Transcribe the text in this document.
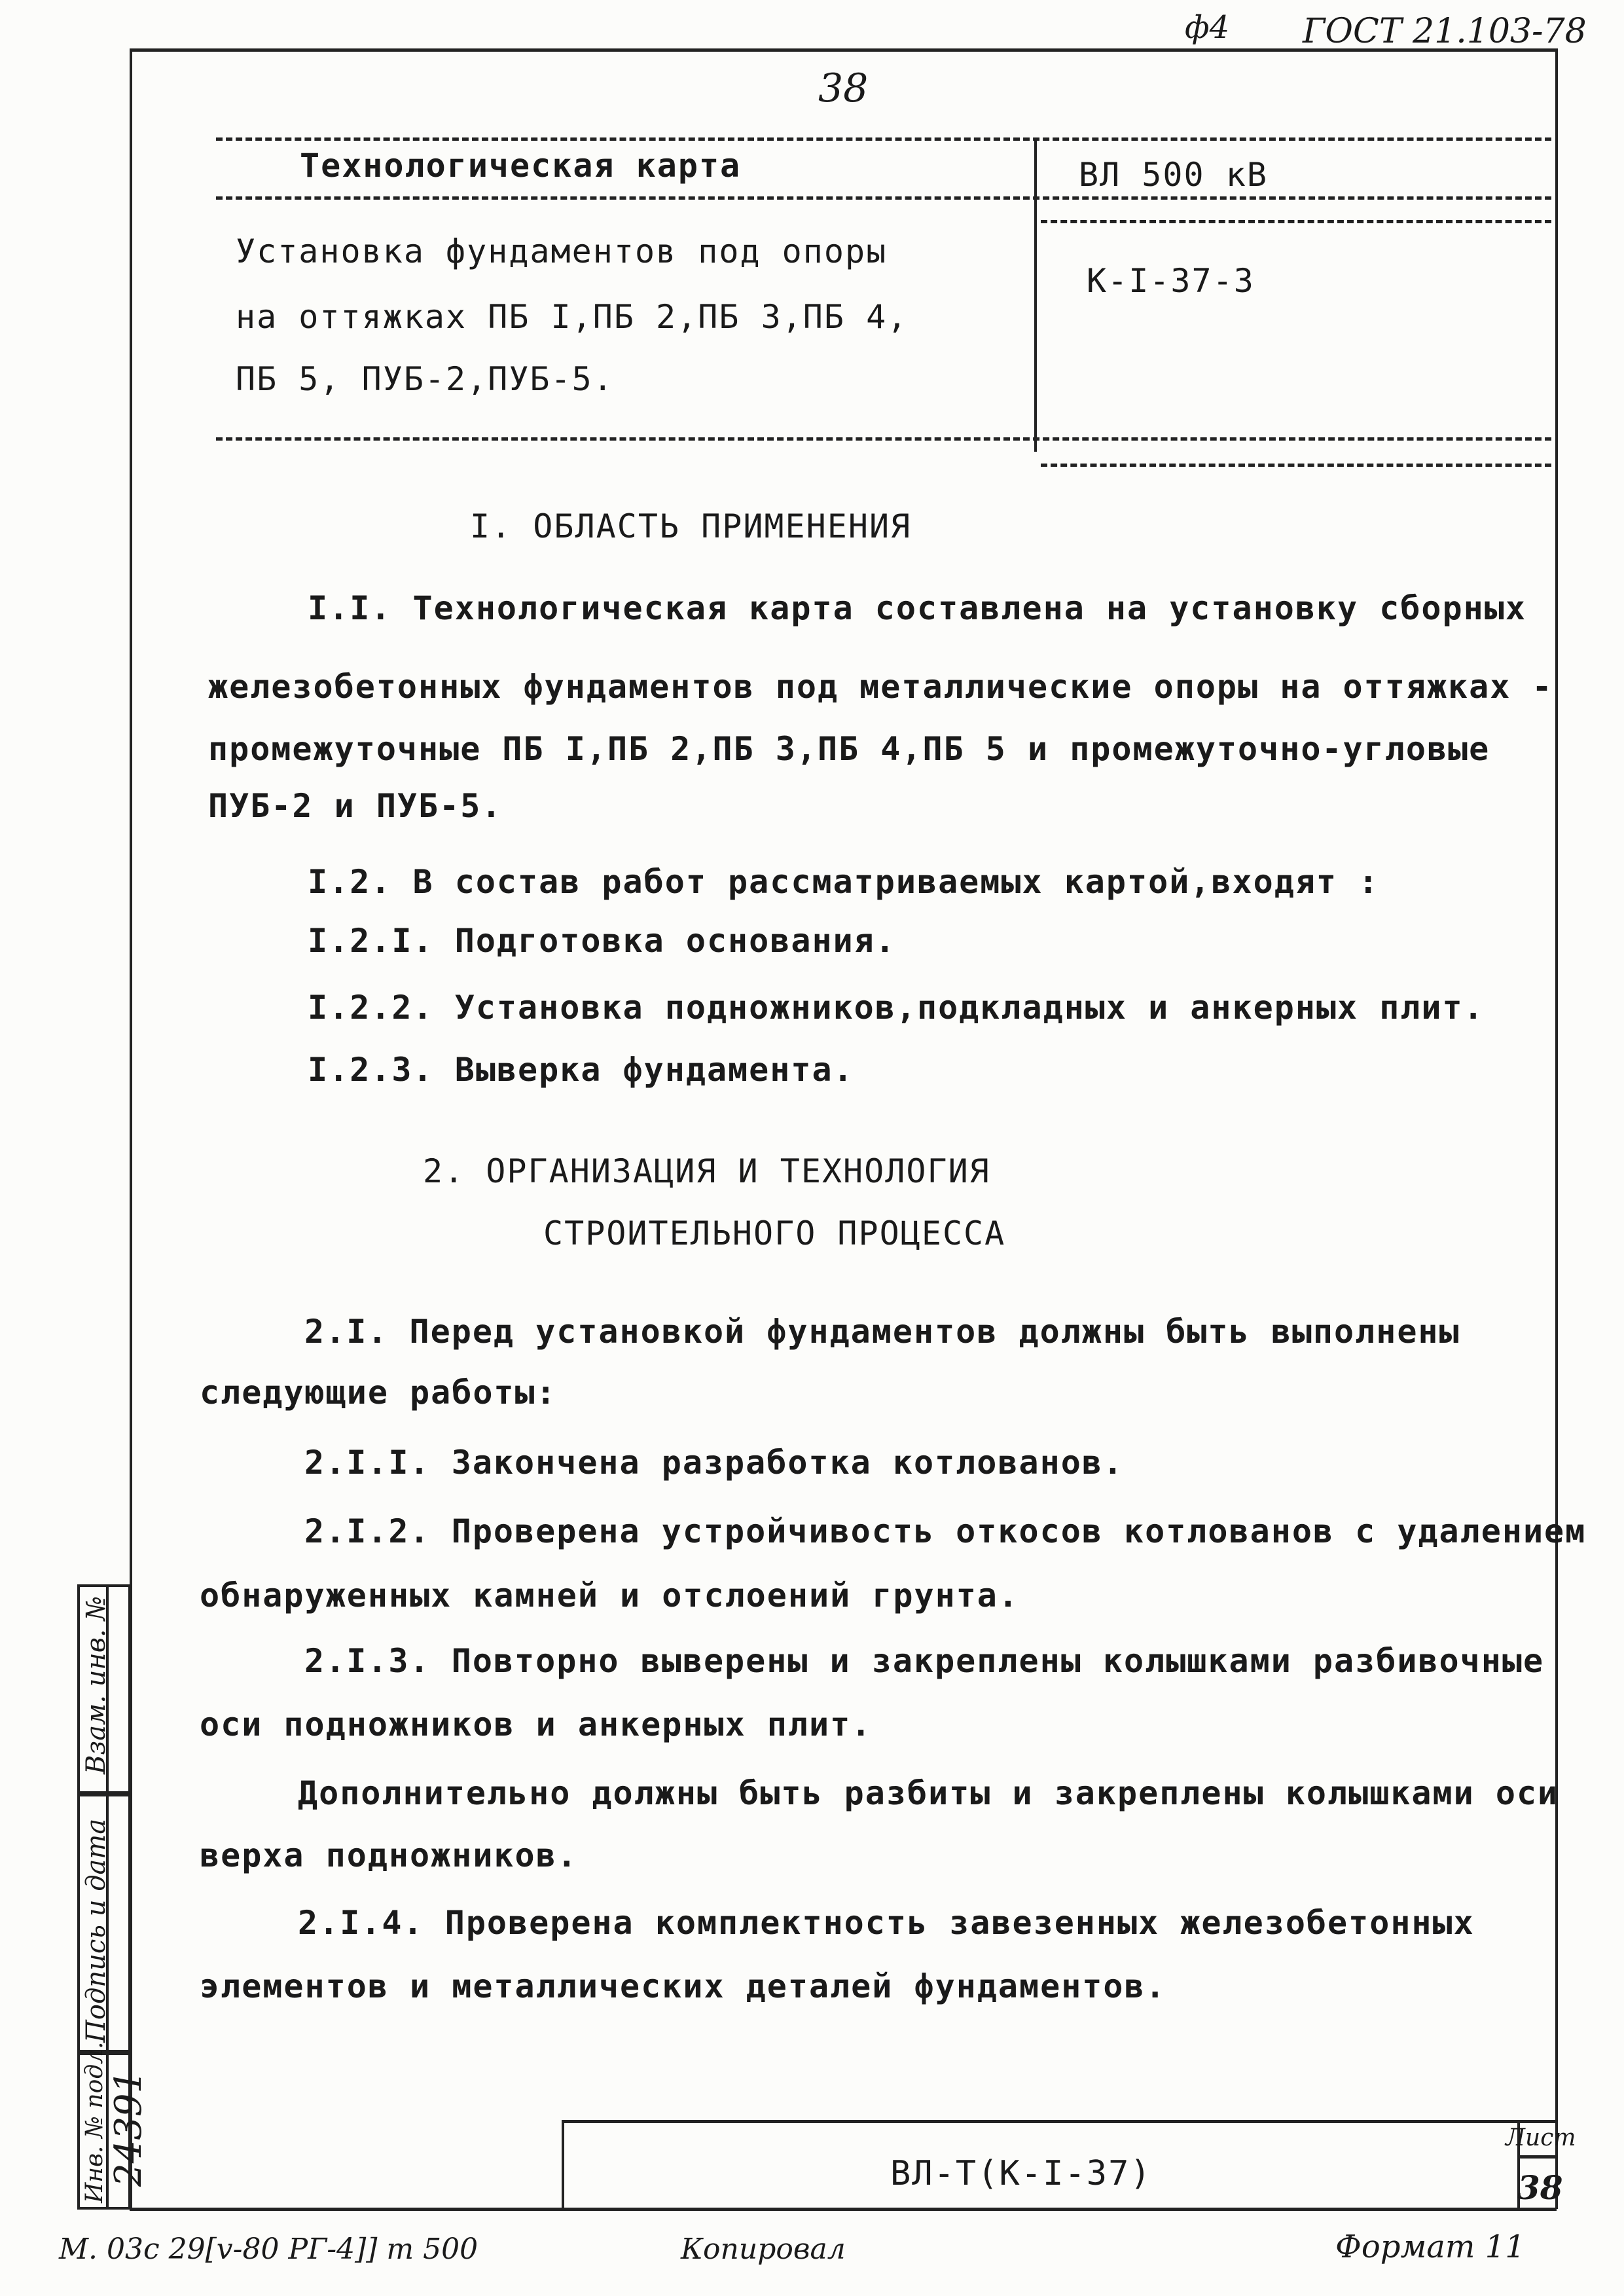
ф4 ГОСТ 21.103-78
38
Технологическая карта	ВЛ 500 кВ
Установка фундаментов под опоры
на оттяжках ПБ I,ПБ 2,ПБ 3,ПБ 4,
ПБ 5, ПУБ-2,ПУБ-5.
К-I-37-3
I. ОБЛАСТЬ ПРИМЕНЕНИЯ
I.I. Технологическая карта составлена на установку сборных
железобетонных фундаментов под металлические опоры на оттяжках -
промежуточные ПБ I,ПБ 2,ПБ 3,ПБ 4,ПБ 5 и промежуточно-угловые
ПУБ-2 и ПУБ-5.
I.2. В состав работ рассматриваемых картой,входят :
I.2.I. Подготовка основания.
I.2.2. Установка подножников,подкладных и анкерных плит.
I.2.3. Выверка фундамента.
2. ОРГАНИЗАЦИЯ И ТЕХНОЛОГИЯ
СТРОИТЕЛЬНОГО ПРОЦЕССА
2.I. Перед установкой фундаментов должны быть выполнены
следующие работы:
2.I.I. Закончена разработка котлованов.
2.I.2. Проверена устройчивость откосов котлованов с удалением
обнаруженных камней и отслоений грунта.
2.I.3. Повторно выверены и закреплены колышками разбивочные
оси подножников и анкерных плит.
Дополнительно должны быть разбиты и закреплены колышками оси
верха подножников.
2.I.4. Проверена комплектность завезенных железобетонных
элементов и металлических деталей фундаментов.
ВЛ-Т(К-I-37)
Лист
38
Взам. инв. №
Подпись и дата
Инв. № подл. 24391
М. 03с 29[v-80 РГ-4]] т 500	Копировал	Формат 11
